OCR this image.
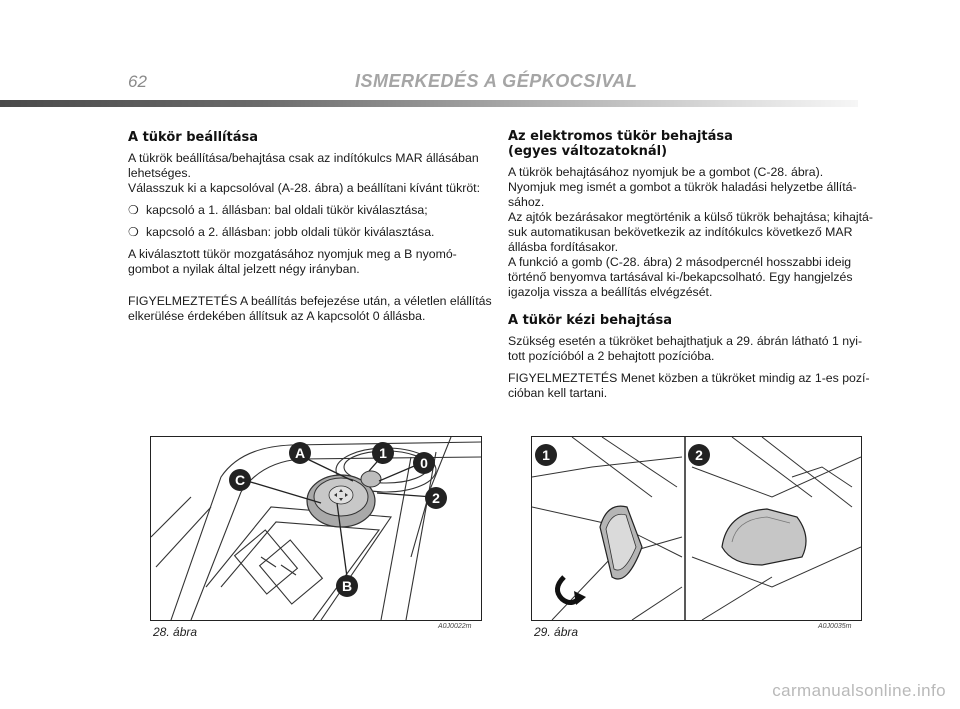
62	ISMERKEDÉS A GÉPKOCSIVAL
A tükör beállítása
A tükrök beállítása/behajtása csak az indítókulcs MAR állásában
lehetséges.
Válasszuk ki a kapcsolóval (A-28. ábra) a beállítani kívánt tükröt:
❍ kapcsoló a 1. állásban: bal oldali tükör kiválasztása;
❍ kapcsoló a 2. állásban: jobb oldali tükör kiválasztása.
A kiválasztott tükör mozgatásához nyomjuk meg a B nyomó-
gombot a nyilak által jelzett négy irányban.
FIGYELMEZTETÉS A beállítás befejezése után, a véletlen elállítás
elkerülése érdekében állítsuk az A kapcsolót 0 állásba.
Az elektromos tükör behajtása
(egyes változatoknál)
A tükrök behajtásához nyomjuk be a gombot (C-28. ábra).
Nyomjuk meg ismét a gombot a tükrök haladási helyzetbe állítá-
sához.
Az ajtók bezárásakor megtörténik a külső tükrök behajtása; kihajtá-
suk automatikusan bekövetkezik az indítókulcs következő MAR
állásba fordításakor.
A funkció a gomb (C-28. ábra) 2 másodpercnél hosszabbi ideig
történő benyomva tartásával ki-/bekapcsolható. Egy hangjelzés
igazolja vissza a beállítás elvégzését.
A tükör kézi behajtása
Szükség esetén a tükröket behajthatjuk a 29. ábrán látható 1 nyi-
tott pozícióból a 2 behajtott pozícióba.
FIGYELMEZTETÉS Menet közben a tükröket mindig az 1-es pozí-
cióban kell tartani.
A	1
0
2
C
B
28. ábra	A0J0022m
1	2
29. ábra	A0J0035m
carmanualsonline.info
